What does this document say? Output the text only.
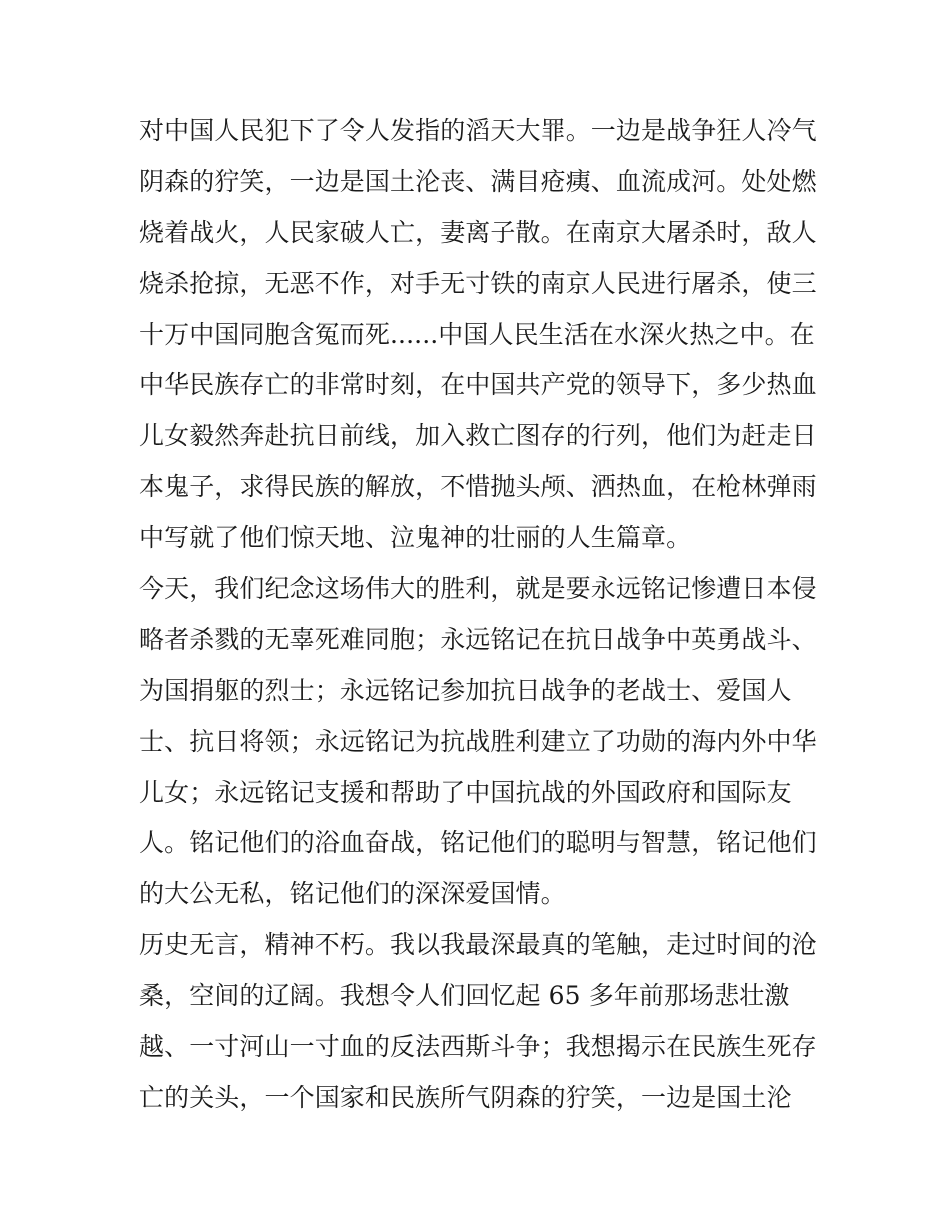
对中国人民犯下了令人发指的滔天大罪。一边是战争狂人冷气
阴森的狞笑，一边是国土沦丧、满目疮痍、血流成河。处处燃
烧着战火，人民家破人亡，妻离子散。在南京大屠杀时，敌人
烧杀抢掠，无恶不作，对手无寸铁的南京人民进行屠杀，使三
十万中国同胞含冤而死......中国人民生活在水深火热之中。在
中华民族存亡的非常时刻，在中国共产党的领导下，多少热血
儿女毅然奔赴抗日前线，加入救亡图存的行列，他们为赶走日
本鬼子，求得民族的解放，不惜抛头颅、洒热血，在枪林弹雨
中写就了他们惊天地、泣鬼神的壮丽的人生篇章。
今天，我们纪念这场伟大的胜利，就是要永远铭记惨遭日本侵
略者杀戮的无辜死难同胞；永远铭记在抗日战争中英勇战斗、
为国捐躯的烈士；永远铭记参加抗日战争的老战士、爱国人
士、抗日将领；永远铭记为抗战胜利建立了功勋的海内外中华
儿女；永远铭记支援和帮助了中国抗战的外国政府和国际友
人。铭记他们的浴血奋战，铭记他们的聪明与智慧，铭记他们
的大公无私，铭记他们的深深爱国情。
历史无言，精神不朽。我以我最深最真的笔触，走过时间的沧
桑，空间的辽阔。我想令人们回忆起 65 多年前那场悲壮激
越、一寸河山一寸血的反法西斯斗争；我想揭示在民族生死存
亡的关头，一个国家和民族所气阴森的狞笑，一边是国土沦
